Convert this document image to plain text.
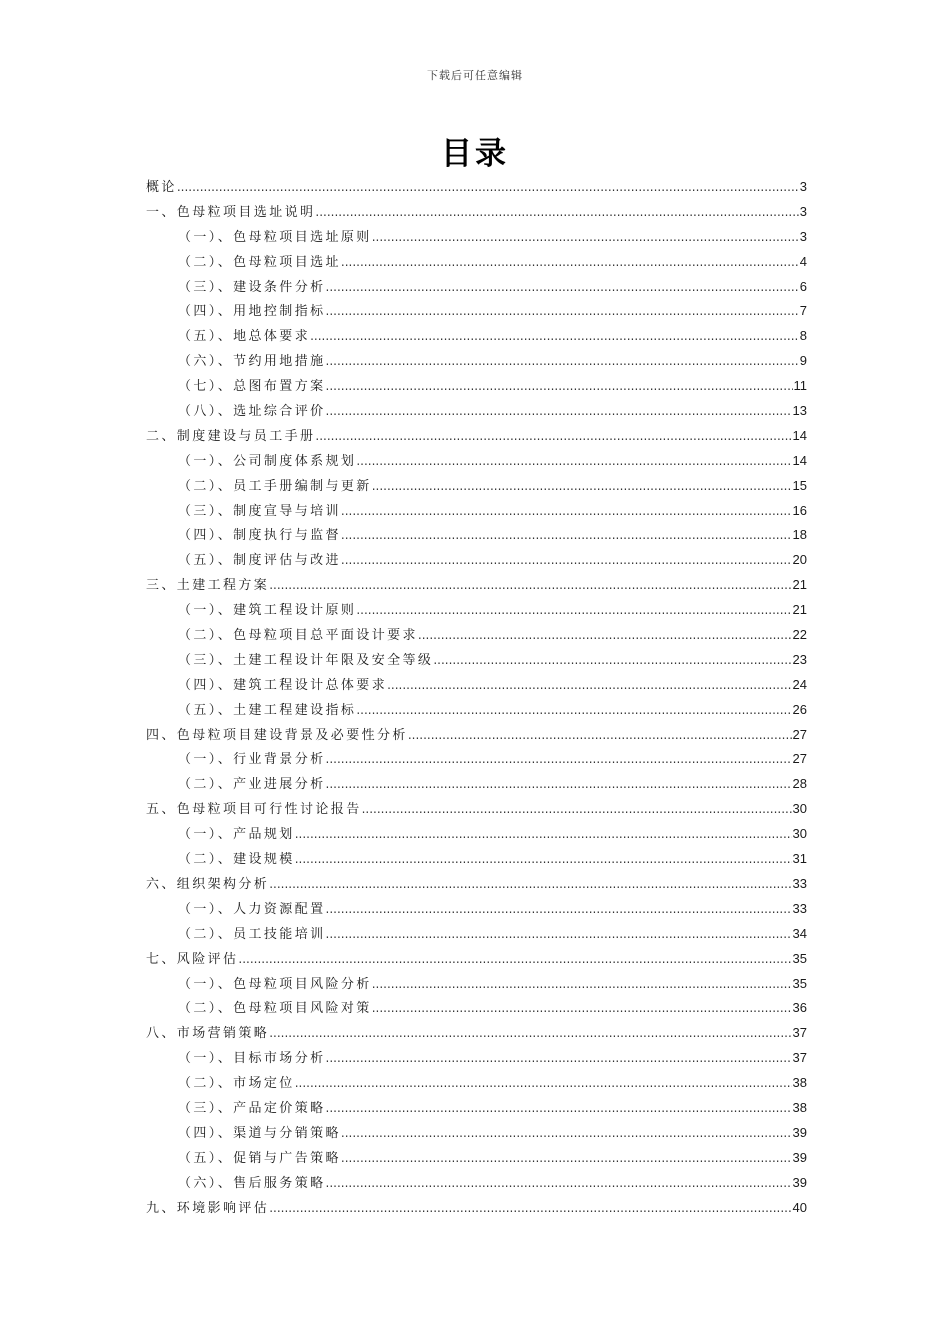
下载后可任意编辑
目录
概论 .....	3
一、色母粒项目选址说明 .....	3
（一）、色母粒项目选址原则 .....	3
（二）、色母粒项目选址 .....	4
（三）、建设条件分析 .....	6
（四）、用地控制指标 .....	7
（五）、地总体要求 .....	8
（六）、节约用地措施 .....	9
（七）、总图布置方案 .....	11
（八）、选址综合评价 .....	13
二、制度建设与员工手册 .....	14
（一）、公司制度体系规划 .....	14
（二）、员工手册编制与更新 .....	15
（三）、制度宣导与培训 .....	16
（四）、制度执行与监督 .....	18
（五）、制度评估与改进 .....	20
三、土建工程方案 .....	21
（一）、建筑工程设计原则 .....	21
（二）、色母粒项目总平面设计要求 .....	22
（三）、土建工程设计年限及安全等级 .....	23
（四）、建筑工程设计总体要求 .....	24
（五）、土建工程建设指标 .....	26
四、色母粒项目建设背景及必要性分析 .....	27
（一）、行业背景分析 .....	27
（二）、产业进展分析 .....	28
五、色母粒项目可行性讨论报告 .....	30
（一）、产品规划 .....	30
（二）、建设规模 .....	31
六、组织架构分析 .....	33
（一）、人力资源配置 .....	33
（二）、员工技能培训 .....	34
七、风险评估 .....	35
（一）、色母粒项目风险分析 .....	35
（二）、色母粒项目风险对策 .....	36
八、市场营销策略 .....	37
（一）、目标市场分析 .....	37
（二）、市场定位 .....	38
（三）、产品定价策略 .....	38
（四）、渠道与分销策略 .....	39
（五）、促销与广告策略 .....	39
（六）、售后服务策略 .....	39
九、环境影响评估 .....	40
